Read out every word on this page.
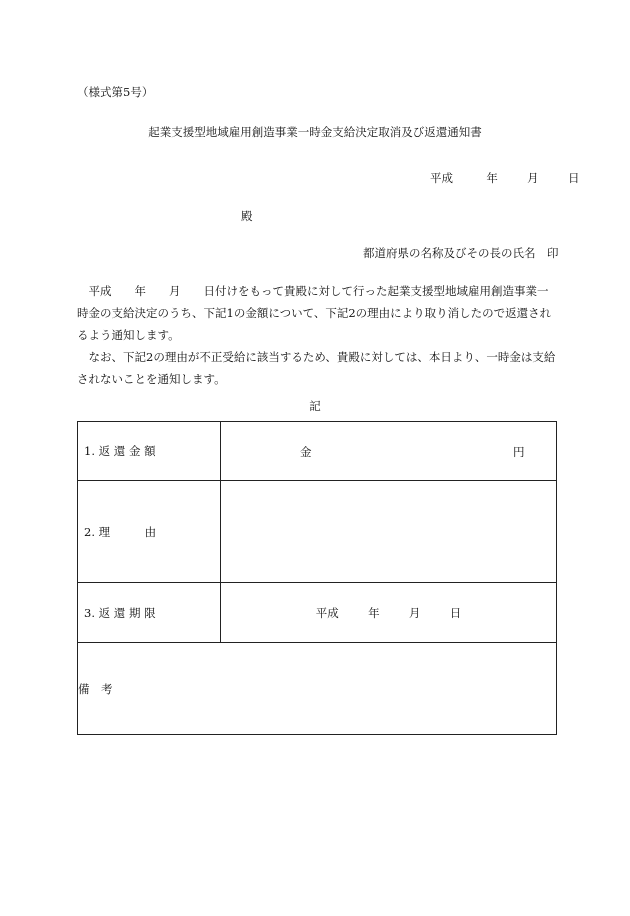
（様式第5号）
起業支援型地域雇用創造事業一時金支給決定取消及び返還通知書
平成	年	月	日
殿
都道府県の名称及びその長の氏名　印

平成　　年　　月　　日付けをもって貴殿に対して行った起業支援型地域雇用創造事業一時金の支給決定のうち、下記1の金額について、下記2の理由により取り消したので返還されるよう通知します。

なお、下記2の理由が不正受給に該当するため、貴殿に対しては、本日より、一時金は支給されないことを通知します。

記
1. 返 還 金 額	金 円

2. 理　　　由	
3. 返 還 期 限	平成 年 月 日
備　考	
